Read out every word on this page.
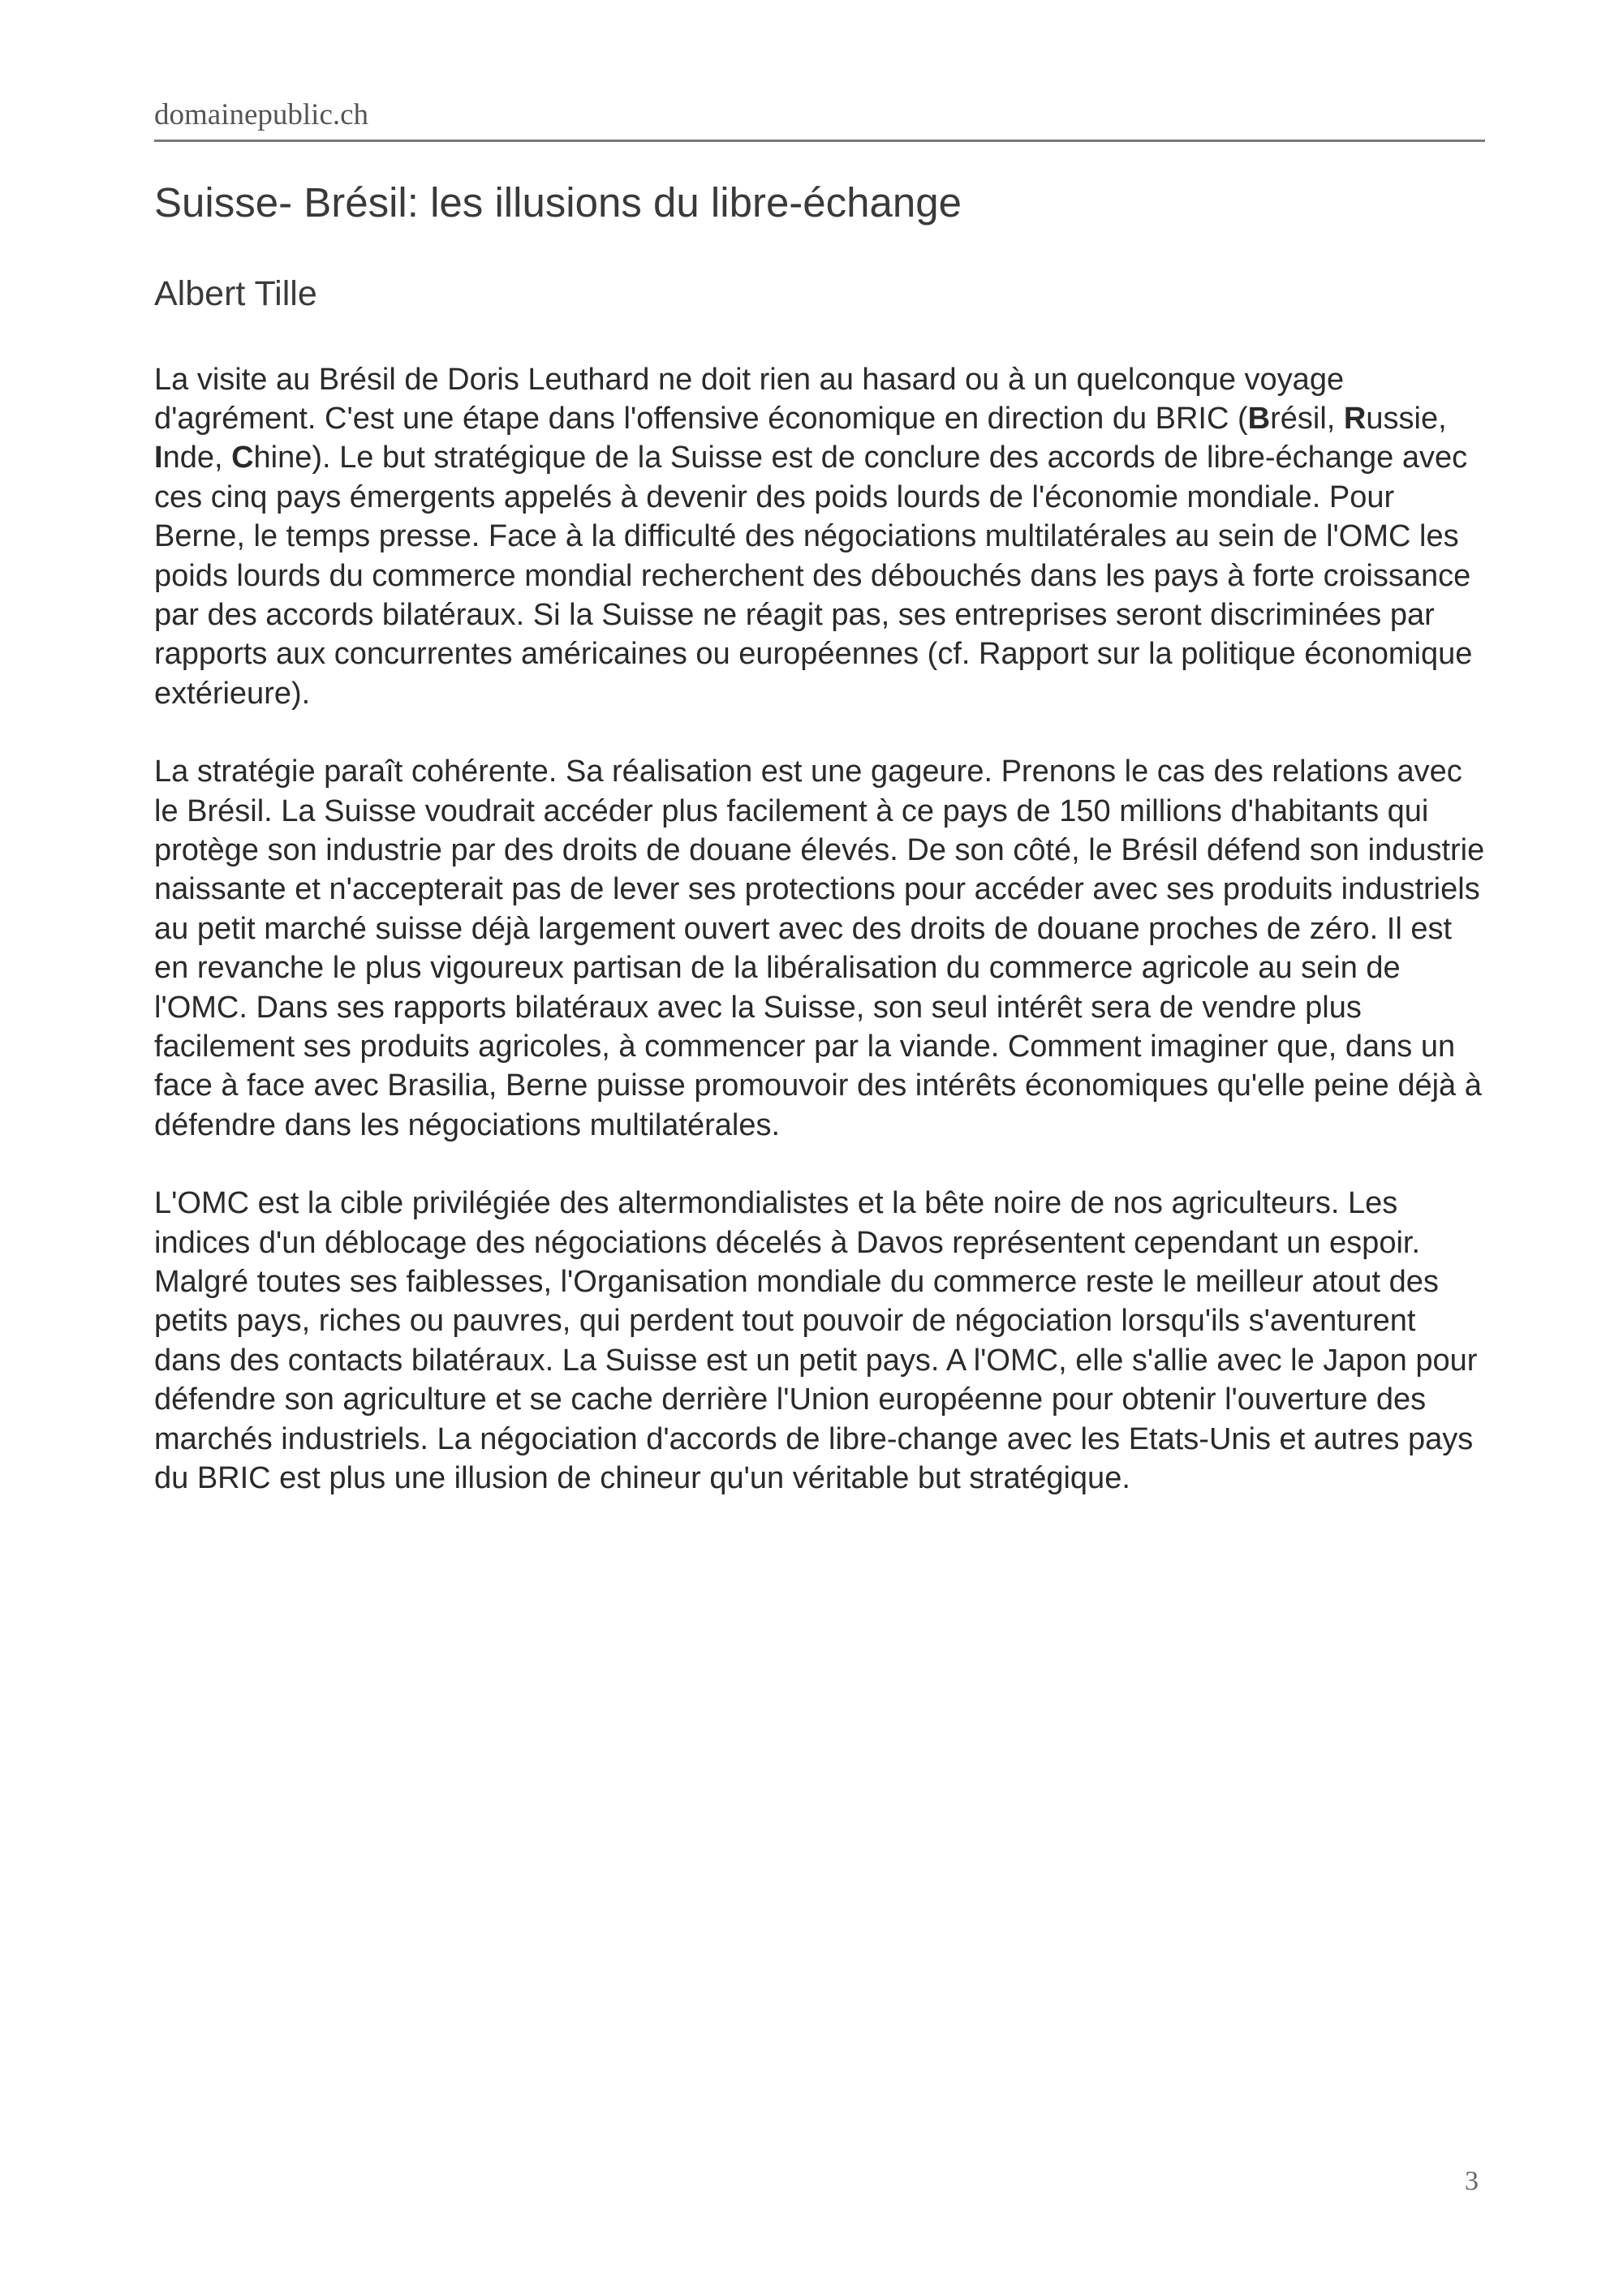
domainepublic.ch
Suisse- Brésil: les illusions du libre-échange
Albert Tille

La visite au Brésil de Doris Leuthard ne doit rien au hasard ou à un quelconque voyage d'agrément. C'est une étape dans l'offensive économique en direction du BRIC (Brésil, Russie, Inde, Chine). Le but stratégique de la Suisse est de conclure des accords de libre-échange avec ces cinq pays émergents appelés à devenir des poids lourds de l'économie mondiale. Pour Berne, le temps presse. Face à la difficulté des négociations multilatérales au sein de l'OMC les poids lourds du commerce mondial recherchent des débouchés dans les pays à forte croissance par des accords bilatéraux. Si la Suisse ne réagit pas, ses entreprises seront discriminées par rapports aux concurrentes américaines ou européennes (cf. Rapport sur la politique économique extérieure).

La stratégie paraît cohérente. Sa réalisation est une gageure. Prenons le cas des relations avec le Brésil. La Suisse voudrait accéder plus facilement à ce pays de 150 millions d'habitants qui protège son industrie par des droits de douane élevés. De son côté, le Brésil défend son industrie naissante et n'accepterait pas de lever ses protections pour accéder avec ses produits industriels au petit marché suisse déjà largement ouvert avec des droits de douane proches de zéro. Il est en revanche le plus vigoureux partisan de la libéralisation du commerce agricole au sein de l'OMC. Dans ses rapports bilatéraux avec la Suisse, son seul intérêt sera de vendre plus facilement ses produits agricoles, à commencer par la viande. Comment imaginer que, dans un face à face avec Brasilia, Berne puisse promouvoir des intérêts économiques qu'elle peine déjà à défendre dans les négociations multilatérales.

L'OMC est la cible privilégiée des altermondialistes et la bête noire de nos agriculteurs. Les indices d'un déblocage des négociations décelés à Davos représentent cependant un espoir. Malgré toutes ses faiblesses, l'Organisation mondiale du commerce reste le meilleur atout des petits pays, riches ou pauvres, qui perdent tout pouvoir de négociation lorsqu'ils s'aventurent dans des contacts bilatéraux. La Suisse est un petit pays. A l'OMC, elle s'allie avec le Japon pour défendre son agriculture et se cache derrière l'Union européenne pour obtenir l'ouverture des marchés industriels. La négociation d'accords de libre-change avec les Etats-Unis et autres pays du BRIC est plus une illusion de chineur qu'un véritable but stratégique.

3
